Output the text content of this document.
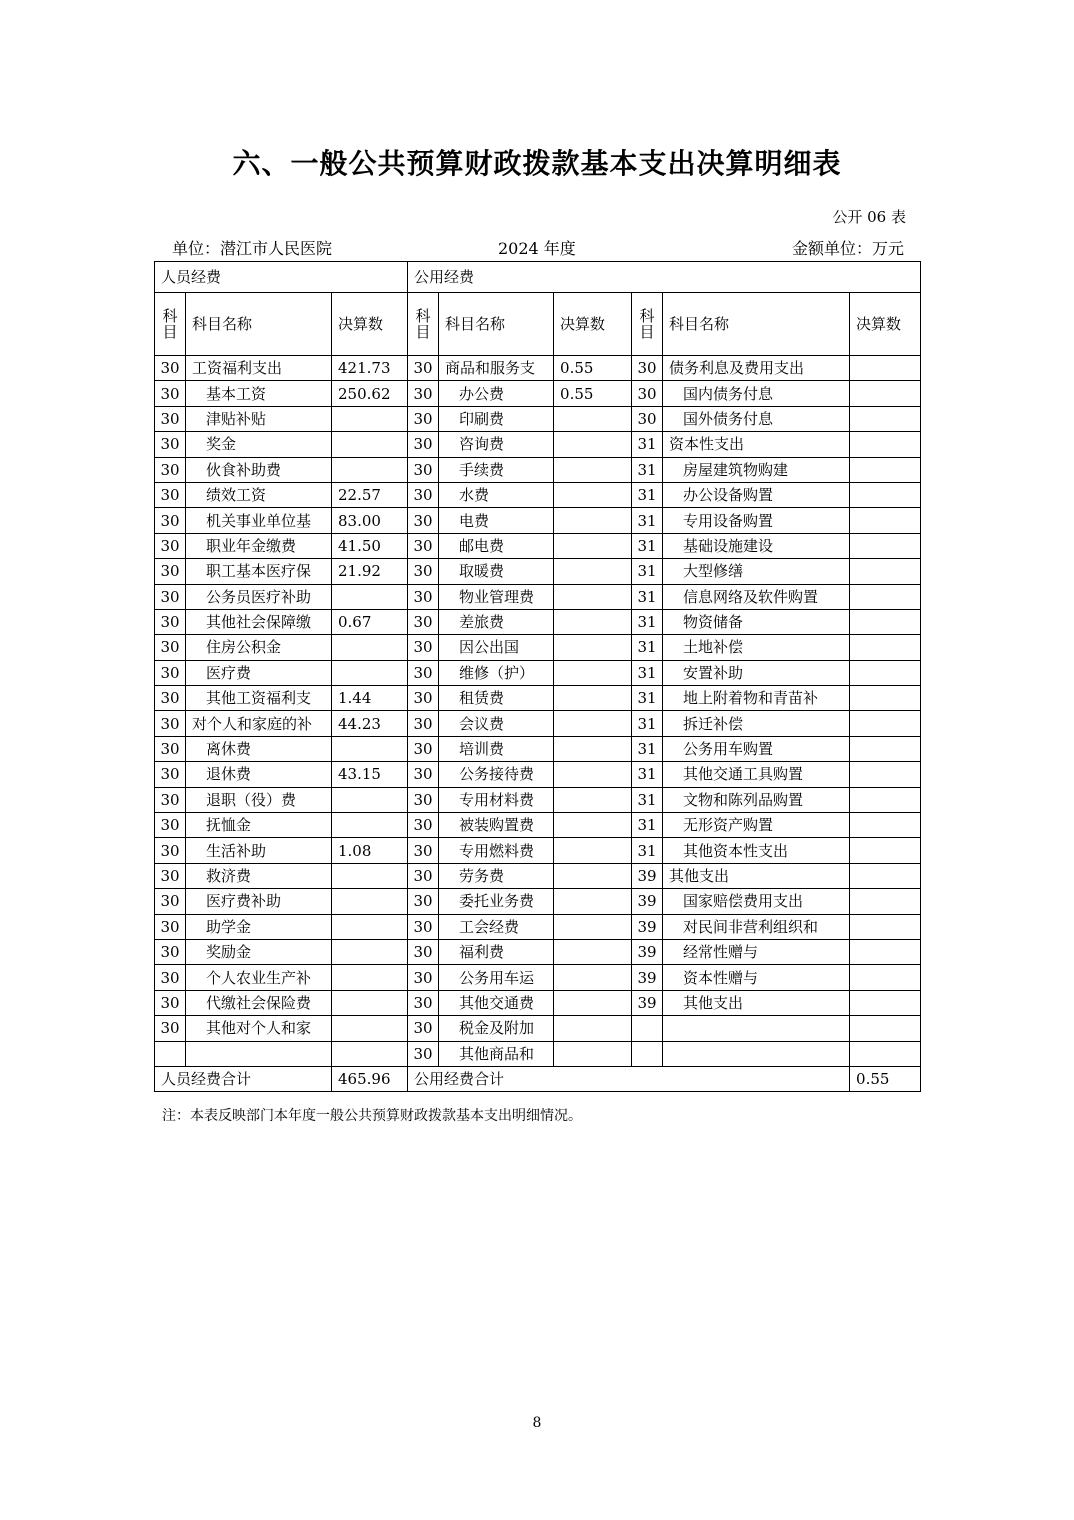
六、一般公共预算财政拨款基本支出决算明细表
公开 06 表
单位：潜江市人民医院	2024 年度	金额单位：万元
人员经费			公用经费					

科
目	科目名称	决算数	科
目	科目名称	决算数	科
目	科目名称	决算数
30	工资福利支出	421.73	30	商品和服务支	0.55	30	债务利息及费用支出	
30	基本工资	250.62	30	办公费	0.55	30	国内债务付息	
30	津贴补贴		30	印刷费		30	国外债务付息	
30	奖金		30	咨询费		31	资本性支出	
30	伙食补助费		30	手续费		31	房屋建筑物购建	
30	绩效工资	22.57	30	水费		31	办公设备购置	
30	机关事业单位基	83.00	30	电费		31	专用设备购置	
30	职业年金缴费	41.50	30	邮电费		31	基础设施建设	
30	职工基本医疗保	21.92	30	取暖费		31	大型修缮	
30	公务员医疗补助		30	物业管理费		31	信息网络及软件购置	
30	其他社会保障缴	0.67	30	差旅费		31	物资储备	
30	住房公积金		30	因公出国		31	土地补偿	
30	医疗费		30	维修（护）		31	安置补助	
30	其他工资福利支	1.44	30	租赁费		31	地上附着物和青苗补	
30	对个人和家庭的补	44.23	30	会议费		31	拆迁补偿	
30	离休费		30	培训费		31	公务用车购置	
30	退休费	43.15	30	公务接待费		31	其他交通工具购置	
30	退职（役）费		30	专用材料费		31	文物和陈列品购置	
30	抚恤金		30	被装购置费		31	无形资产购置	
30	生活补助	1.08	30	专用燃料费		31	其他资本性支出	
30	救济费		30	劳务费		39	其他支出	
30	医疗费补助		30	委托业务费		39	国家赔偿费用支出	
30	助学金		30	工会经费		39	对民间非营利组织和	
30	奖励金		30	福利费		39	经常性赠与	
30	个人农业生产补		30	公务用车运		39	资本性赠与	
30	代缴社会保险费		30	其他交通费		39	其他支出	
30	其他对个人和家		30	税金及附加				
			30	其他商品和				
人员经费合计		465.96	公用经费合计					0.55
注：本表反映部门本年度一般公共预算财政拨款基本支出明细情况。
8
